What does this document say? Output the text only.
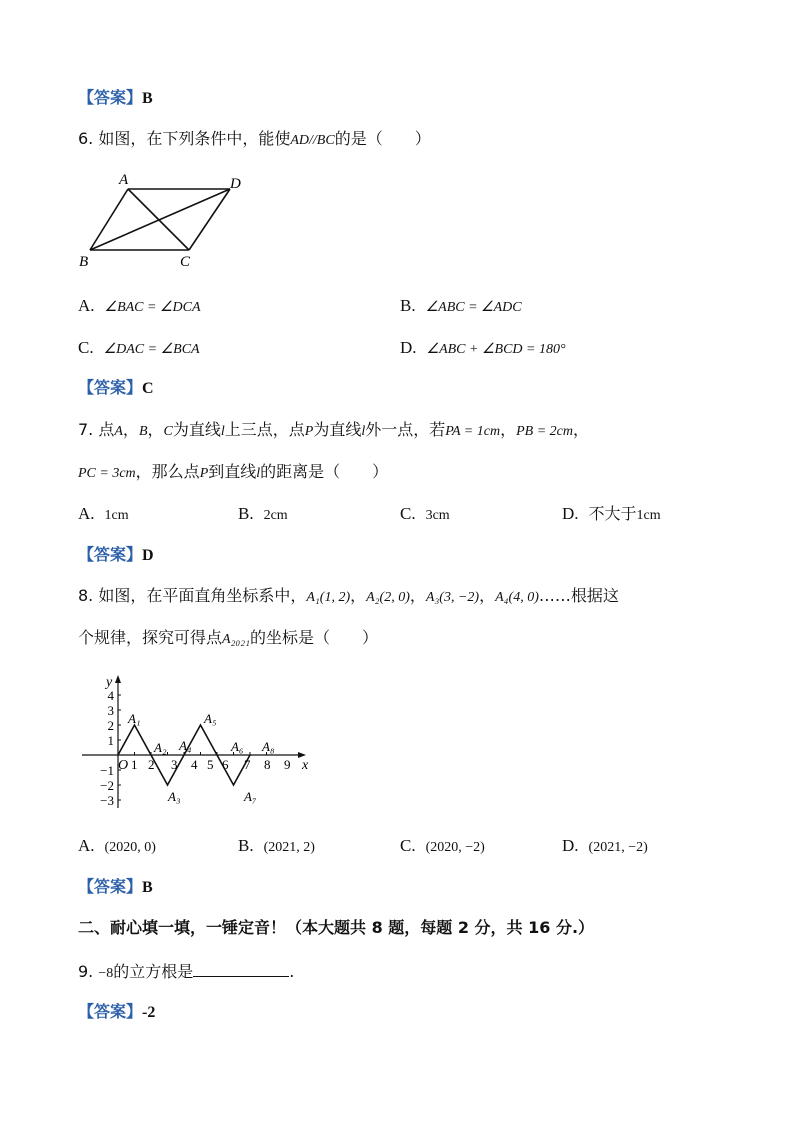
【答案】B
6. 如图，在下列条件中，能使AD//BC的是（　　）
A	D
B	C
A. ∠BAC = ∠DCA	B. ∠ABC = ∠ADC
C. ∠DAC = ∠BCA	D. ∠ABC + ∠BCD = 180°
【答案】C
7. 点A，B，C为直线l上三点，点P为直线l外一点，若PA = 1cm，PB = 2cm，
PC = 3cm，那么点P到直线l的距离是（　　）
A. 1cm	B. 2cm	C. 3cm	D. 不大于1cm
【答案】D
8. 如图，在平面直角坐标系中，A₁(1, 2)，A₂(2, 0)，A₃(3, −2)，A₄(4, 0)……根据这
个规律，探究可得点A₂₀₂₁的坐标是（　　）
x
y
O 1 2 3 4 5 6 7 8 9
1
2
3
4
−1
−2
−3
A₁
A₂
A₃
A₄
A₅
A₆
A₇
A₈
A. (2020, 0)	B. (2021, 2)	C. (2020, −2)	D. (2021, −2)
【答案】B
二、耐心填一填，一锤定音！（本大题共 8 题，每题 2 分，共 16 分.）
9. −8的立方根是	.
【答案】-2
